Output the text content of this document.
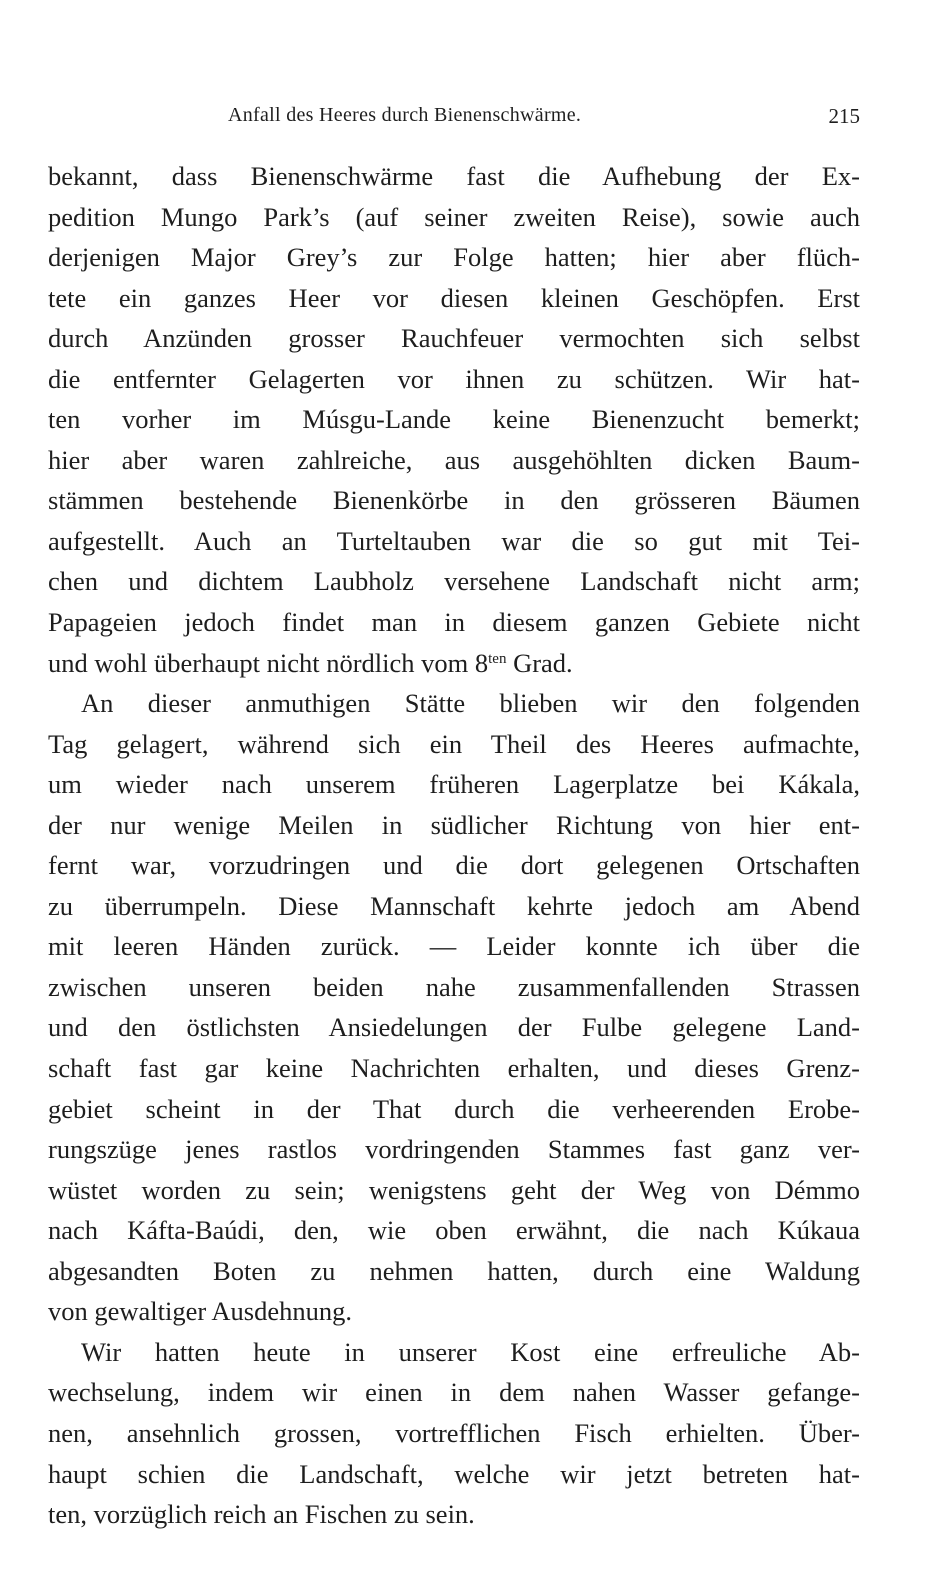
Anfall des Heeres durch Bienenschwärme.	215
bekannt, dass Bienenschwärme fast die Aufhebung der Ex-
pedition Mungo Park’s (auf seiner zweiten Reise), sowie auch
derjenigen Major Grey’s zur Folge hatten; hier aber flüch-
tete ein ganzes Heer vor diesen kleinen Geschöpfen. Erst
durch Anzünden grosser Rauchfeuer vermochten sich selbst
die entfernter Gelagerten vor ihnen zu schützen. Wir hat-
ten vorher im Músgu-Lande keine Bienenzucht bemerkt;
hier aber waren zahlreiche, aus ausgehöhlten dicken Baum-
stämmen bestehende Bienenkörbe in den grösseren Bäumen
aufgestellt. Auch an Turteltauben war die so gut mit Tei-
chen und dichtem Laubholz versehene Landschaft nicht arm;
Papageien jedoch findet man in diesem ganzen Gebiete nicht
und wohl überhaupt nicht nördlich vom $8^{ten}$ Grad.
An dieser anmuthigen Stätte blieben wir den folgenden
Tag gelagert, während sich ein Theil des Heeres aufmachte,
um wieder nach unserem früheren Lagerplatze bei Kákala,
der nur wenige Meilen in südlicher Richtung von hier ent-
fernt war, vorzudringen und die dort gelegenen Ortschaften
zu überrumpeln. Diese Mannschaft kehrte jedoch am Abend
mit leeren Händen zurück. — Leider konnte ich über die
zwischen unseren beiden nahe zusammenfallenden Strassen
und den östlichsten Ansiedelungen der Fulbe gelegene Land-
schaft fast gar keine Nachrichten erhalten, und dieses Grenz-
gebiet scheint in der That durch die verheerenden Erobe-
rungszüge jenes rastlos vordringenden Stammes fast ganz ver-
wüstet worden zu sein; wenigstens geht der Weg von Démmo
nach Káfta-Baúdi, den, wie oben erwähnt, die nach Kúkaua
abgesandten Boten zu nehmen hatten, durch eine Waldung
von gewaltiger Ausdehnung.
Wir hatten heute in unserer Kost eine erfreuliche Ab-
wechselung, indem wir einen in dem nahen Wasser gefange-
nen, ansehnlich grossen, vortrefflichen Fisch erhielten. Über-
haupt schien die Landschaft, welche wir jetzt betreten hat-
ten, vorzüglich reich an Fischen zu sein.
